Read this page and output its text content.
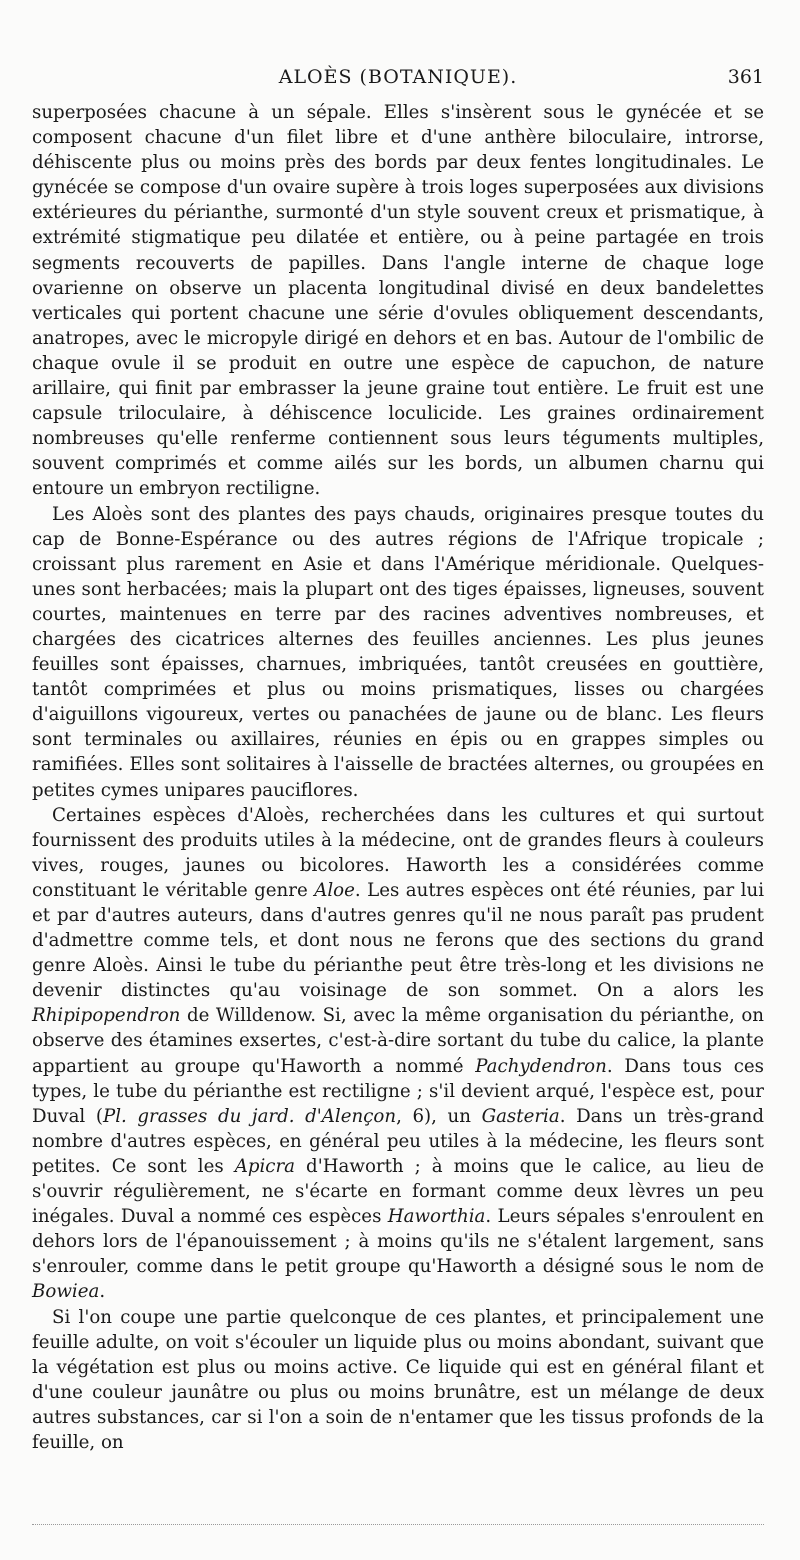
ALOÈS (BOTANIQUE).	361

superposées chacune à un sépale. Elles s'insèrent sous le gynécée et se composent chacune d'un filet libre et d'une anthère biloculaire, introrse, déhiscente plus ou moins près des bords par deux fentes longitudinales. Le gynécée se compose d'un ovaire supère à trois loges superposées aux divisions extérieures du périanthe, surmonté d'un style souvent creux et prismatique, à extrémité stigmatique peu dilatée et entière, ou à peine partagée en trois segments recouverts de papilles. Dans l'angle interne de chaque loge ovarienne on observe un placenta longitudinal divisé en deux bandelettes verticales qui portent chacune une série d'ovules obliquement descendants, anatropes, avec le micropyle dirigé en dehors et en bas. Autour de l'ombilic de chaque ovule il se produit en outre une espèce de capuchon, de nature arillaire, qui finit par embrasser la jeune graine tout entière. Le fruit est une capsule triloculaire, à déhiscence loculicide. Les graines ordinairement nombreuses qu'elle renferme contiennent sous leurs téguments multiples, souvent comprimés et comme ailés sur les bords, un albumen charnu qui entoure un embryon rectiligne.

Les Aloès sont des plantes des pays chauds, originaires presque toutes du cap de Bonne-Espérance ou des autres régions de l'Afrique tropicale ; croissant plus rarement en Asie et dans l'Amérique méridionale. Quelques-unes sont herbacées; mais la plupart ont des tiges épaisses, ligneuses, souvent courtes, maintenues en terre par des racines adventives nombreuses, et chargées des cicatrices alternes des feuilles anciennes. Les plus jeunes feuilles sont épaisses, charnues, imbriquées, tantôt creusées en gouttière, tantôt comprimées et plus ou moins prismatiques, lisses ou chargées d'aiguillons vigoureux, vertes ou panachées de jaune ou de blanc. Les fleurs sont terminales ou axillaires, réunies en épis ou en grappes simples ou ramifiées. Elles sont solitaires à l'aisselle de bractées alternes, ou groupées en petites cymes unipares pauciflores.

Certaines espèces d'Aloès, recherchées dans les cultures et qui surtout fournissent des produits utiles à la médecine, ont de grandes fleurs à couleurs vives, rouges, jaunes ou bicolores. Haworth les a considérées comme constituant le véritable genre Aloe. Les autres espèces ont été réunies, par lui et par d'autres auteurs, dans d'autres genres qu'il ne nous paraît pas prudent d'admettre comme tels, et dont nous ne ferons que des sections du grand genre Aloès. Ainsi le tube du périanthe peut être très-long et les divisions ne devenir distinctes qu'au voisinage de son sommet. On a alors les Rhipipopendron de Willdenow. Si, avec la même organisation du périanthe, on observe des étamines exsertes, c'est-à-dire sortant du tube du calice, la plante appartient au groupe qu'Haworth a nommé Pachydendron. Dans tous ces types, le tube du périanthe est rectiligne ; s'il devient arqué, l'espèce est, pour Duval (Pl. grasses du jard. d'Alençon, 6), un Gasteria. Dans un très-grand nombre d'autres espèces, en général peu utiles à la médecine, les fleurs sont petites. Ce sont les Apicra d'Haworth ; à moins que le calice, au lieu de s'ouvrir régulièrement, ne s'écarte en formant comme deux lèvres un peu inégales. Duval a nommé ces espèces Haworthia. Leurs sépales s'enroulent en dehors lors de l'épanouissement ; à moins qu'ils ne s'étalent largement, sans s'enrouler, comme dans le petit groupe qu'Haworth a désigné sous le nom de Bowiea.

Si l'on coupe une partie quelconque de ces plantes, et principalement une feuille adulte, on voit s'écouler un liquide plus ou moins abondant, suivant que la végétation est plus ou moins active. Ce liquide qui est en général filant et d'une couleur jaunâtre ou plus ou moins brunâtre, est un mélange de deux autres substances, car si l'on a soin de n'entamer que les tissus profonds de la feuille, on
